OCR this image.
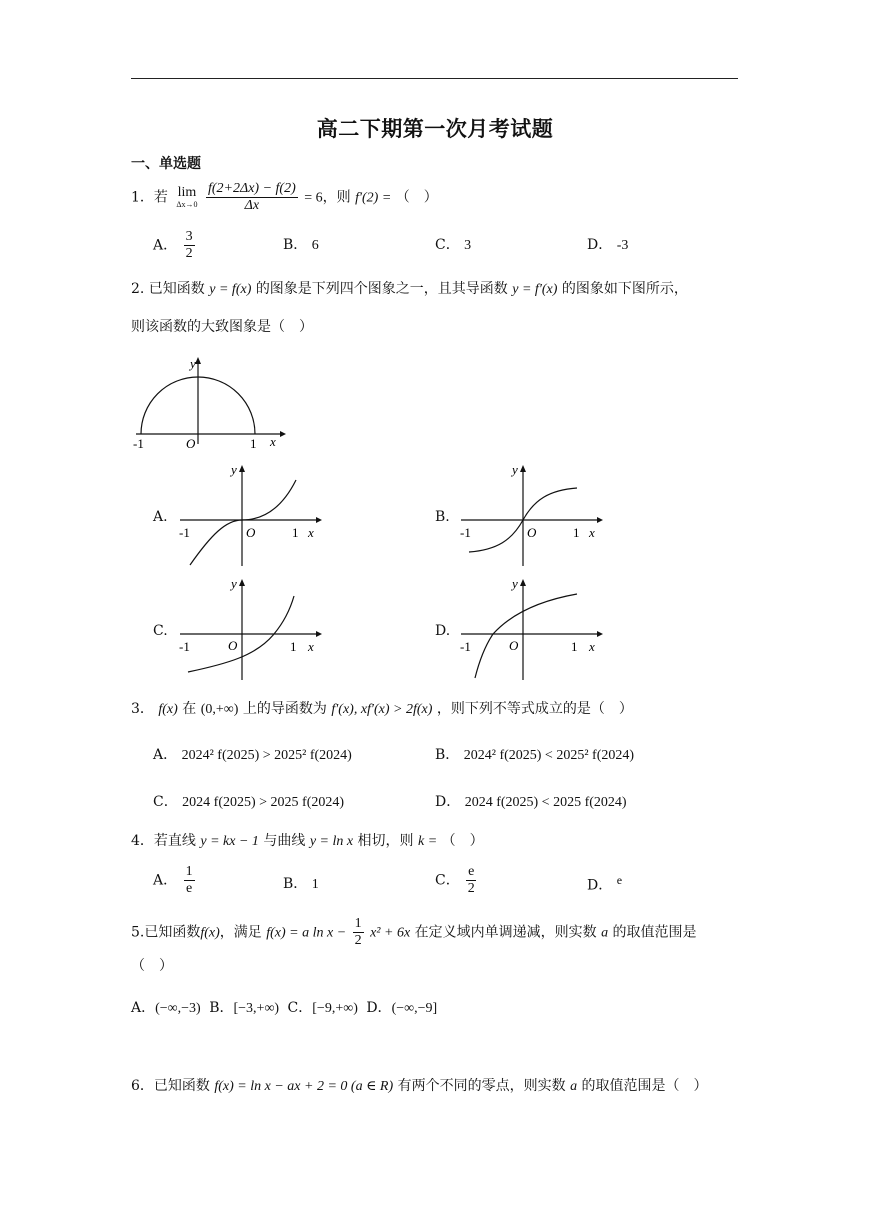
高二下期第一次月考试题
一、单选题
1．若 lim
Δx→0
$\frac{f(2+2\Delta x) - f(2)}{\Delta x} = 6$，则 f′(2) = （　）
A． $\frac{3}{2}$	B． 6	C． 3	D． -3
2. 已知函数 y = f(x) 的图象是下列四个图象之一，且其导函数 y = f′(x) 的图象如下图所示，
则该函数的大致图象是（　）
y
x
O
-1	1
A.
y
x
O
-1	1
B.
y
x
O
-1	1
C.
y
x
O
-1	1
D.
y
x
O
-1	1
3． f(x) 在 (0,+∞) 上的导函数为 f′(x), xf′(x) > 2f(x) ，则下列不等式成立的是（　）
A． 2024² f(2025) > 2025² f(2024)	B． 2024² f(2025) < 2025² f(2024)
C． 2024 f(2025) > 2025 f(2024)	D． 2024 f(2025) < 2025 f(2024)
4．若直线 y = kx − 1 与曲线 y = ln x 相切，则 k = （　）
A． $\frac{1}{e}$	B． 1	C． $\frac{e}{2}$	D． e
5.已知函数f(x)，满足 f(x) = a $\ln x - \frac{1}{2} x^2 + 6x$ 在定义域内单调递减，则实数 a 的取值范围是
（　）
A．(−∞,−3) B．[−3,+∞) C．[−9,+∞) D．(−∞,−9]
6．已知函数 f(x) = ln x − ax + 2 = 0 (a ∈ R) 有两个不同的零点，则实数 a 的取值范围是（　）
